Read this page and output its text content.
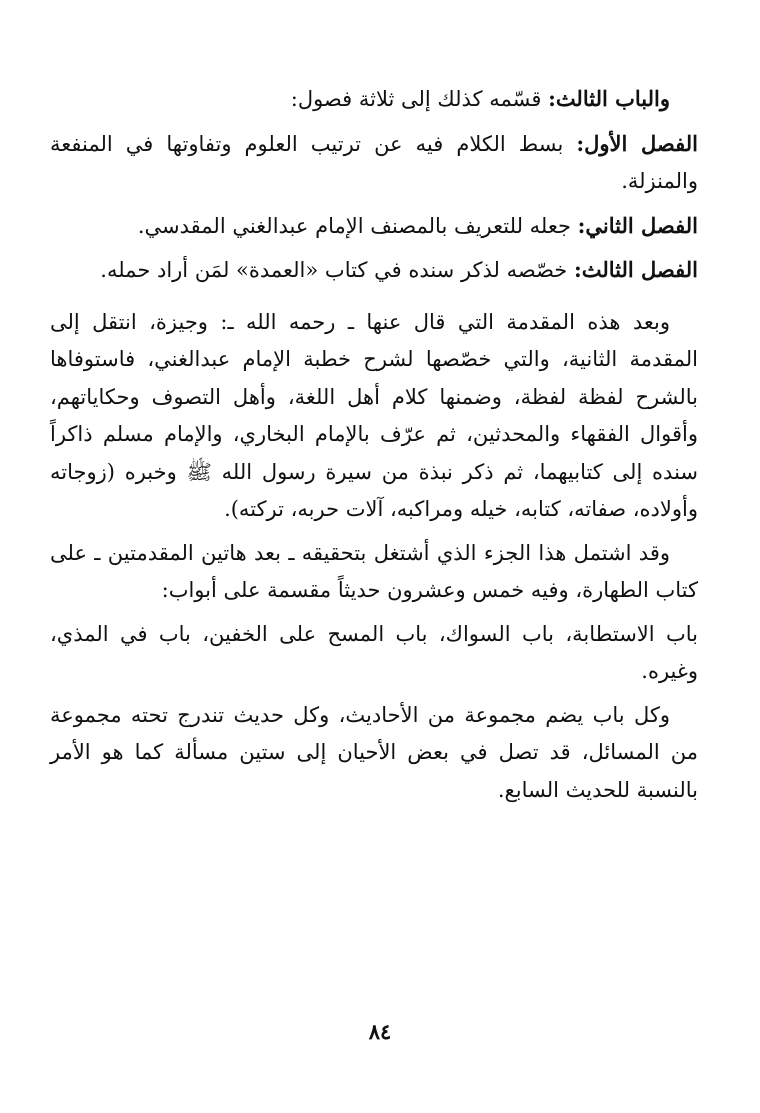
والباب الثالث: قسّمه كذلك إلى ثلاثة فصول:

الفصل الأول: بسط الكلام فيه عن ترتيب العلوم وتفاوتها في المنفعة والمنزلة.

الفصل الثاني: جعله للتعريف بالمصنف الإمام عبدالغني المقدسي.

الفصل الثالث: خصّصه لذكر سنده في كتاب «العمدة» لمَن أراد حمله.

وبعد هذه المقدمة التي قال عنها ـ رحمه الله ـ: وجيزة، انتقل إلى المقدمة الثانية، والتي خصّصها لشرح خطبة الإمام عبدالغني، فاستوفاها بالشرح لفظة لفظة، وضمنها كلام أهل اللغة، وأهل التصوف وحكاياتهم، وأقوال الفقهاء والمحدثين، ثم عرّف بالإمام البخاري، والإمام مسلم ذاكراً سنده إلى كتابيهما، ثم ذكر نبذة من سيرة رسول الله ﷺ وخبره (زوجاته وأولاده، صفاته، كتابه، خيله ومراكبه، آلات حربه، تركته).

وقد اشتمل هذا الجزء الذي أشتغل بتحقيقه ـ بعد هاتين المقدمتين ـ على كتاب الطهارة، وفيه خمس وعشرون حديثاً مقسمة على أبواب:

باب الاستطابة، باب السواك، باب المسح على الخفين، باب في المذي، وغيره.

وكل باب يضم مجموعة من الأحاديث، وكل حديث تندرج تحته مجموعة من المسائل، قد تصل في بعض الأحيان إلى ستين مسألة كما هو الأمر بالنسبة للحديث السابع.

٨٤
